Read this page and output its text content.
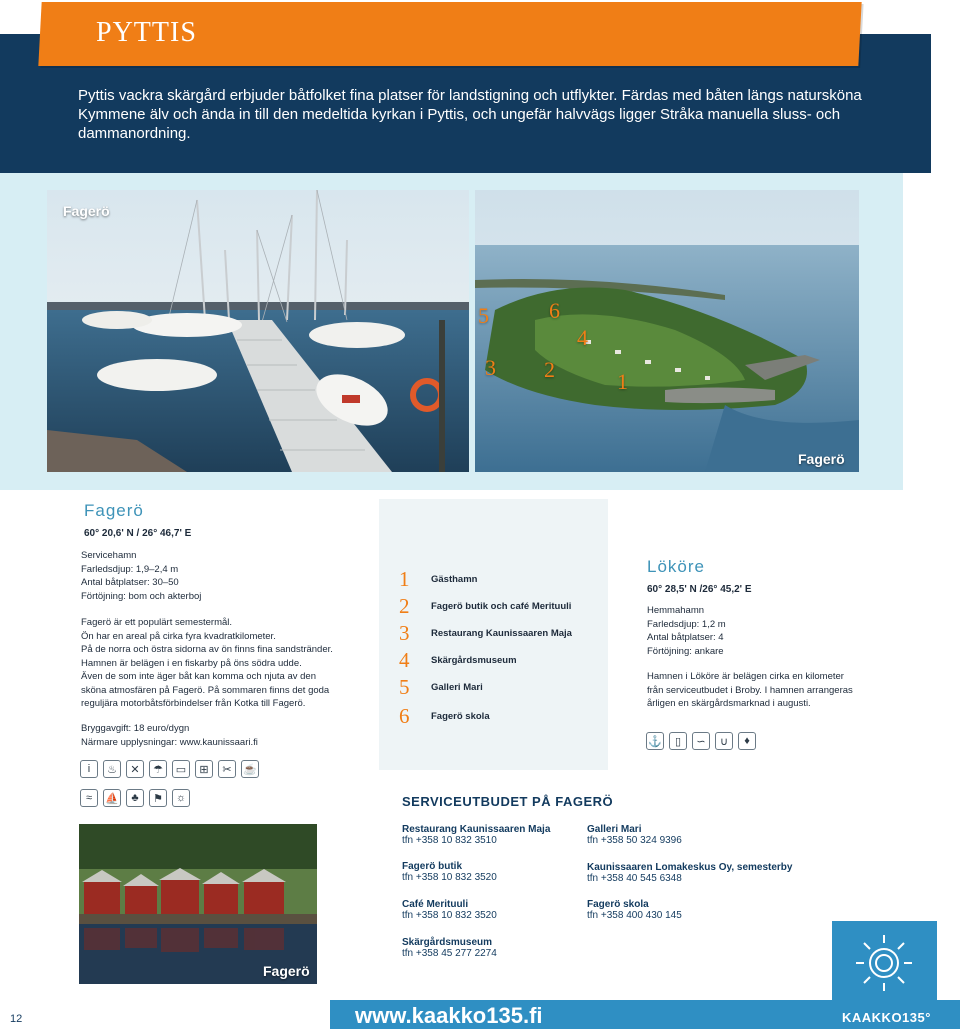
PYTTIS
Pyttis vackra skärgård erbjuder båtfolket fina platser för landstigning och utflykter. Färdas med båten längs natursköna Kymmene älv och ända in till den medeltida kyrkan i Pyttis, och ungefär halvvägs ligger Stråka manuella sluss- och dammanordning.
Fagerö
5	6
4
3 2	1
Fagerö
Fagerö
60° 20,6' N / 26° 46,7' E
Servicehamn
Farledsdjup: 1,9–2,4 m
Antal båtplatser: 30–50
Förtöjning: bom och akterboj
Fagerö är ett populärt semestermål.
Ön har en areal på cirka fyra kvadratkilometer.
På de norra och östra sidorna av ön finns fina sandstränder.
Hamnen är belägen i en fiskarby på öns södra udde.
Även de som inte äger båt kan komma och njuta av den
sköna atmosfären på Fagerö. På sommaren finns det goda
reguljära motorbåtsförbindelser från Kotka till Fagerö.
Bryggavgift: 18 euro/dygn
Närmare upplysningar: www.kaunissaari.fi
i	♨	✕	☂	▭	⊞	✂	☕
≈	⛵	♣	⚑	☼
1	Gästhamn
2	Fagerö butik och café Merituuli
3	Restaurang Kaunissaaren Maja
4	Skärgårdsmuseum
5	Galleri Mari
6	Fagerö skola
Lököre
60° 28,5' N /26° 45,2' E
Hemmahamn
Farledsdjup: 1,2 m
Antal båtplatser: 4
Förtöjning: ankare
Hamnen i Lököre är belägen cirka en kilometer
från serviceutbudet i Broby. I hamnen arrangeras
årligen en skärgårdsmarknad i augusti.
⚓	▯	∽	∪	♦
Fagerö
SERVICEUTBUDET PÅ FAGERÖ
Restaurang Kaunissaaren Maja
tfn +358 10 832 3510
Fagerö butik
tfn +358 10 832 3520
Café Merituuli
tfn +358 10 832 3520
Skärgårdsmuseum
tfn +358 45 277 2274
Galleri Mari
tfn +358 50 324 9396
Kaunissaaren Lomakeskus Oy, semesterby
tfn +358 40 545 6348
Fagerö skola
tfn +358 400 430 145
12	www.kaakko135.fi	KAAKKO135°
